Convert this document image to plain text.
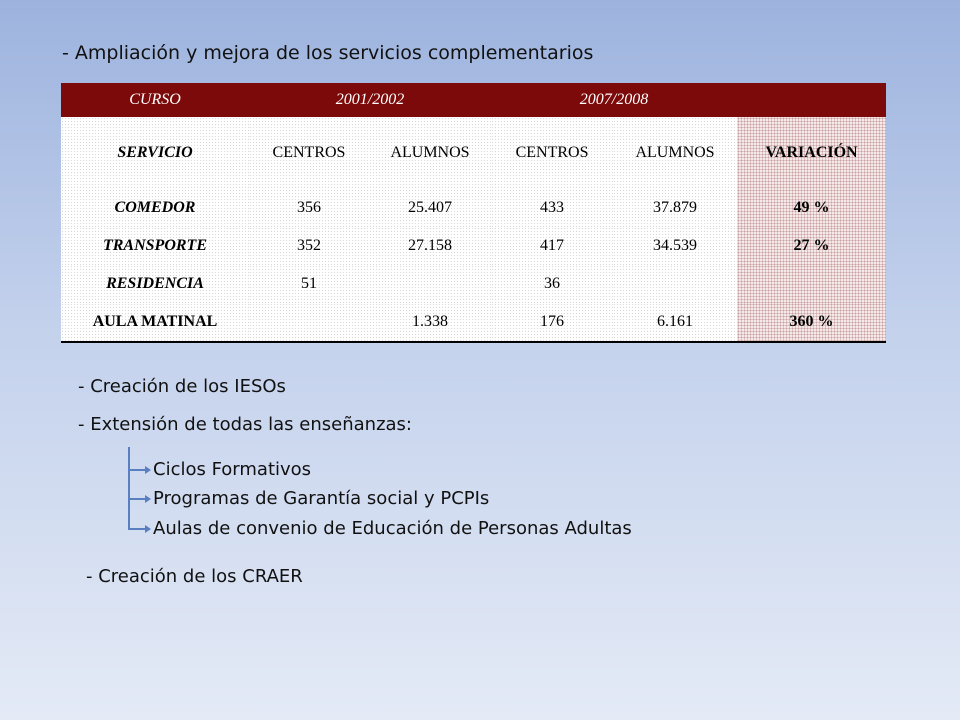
- Ampliación y mejora de los servicios complementarios
CURSO	2001/2002		2007/2008		
SERVICIO	CENTROS	ALUMNOS	CENTROS	ALUMNOS	VARIACIÓN
COMEDOR	356	25.407	433	37.879	49 %
TRANSPORTE	352	27.158	417	34.539	27 %
RESIDENCIA	51		36		
AULA MATINAL		1.338	176	6.161	360 %
- Creación de los IESOs
- Extensión de todas las enseñanzas:
Ciclos Formativos
Programas de Garantía social y PCPIs
Aulas de convenio de Educación de Personas Adultas
- Creación de los CRAER
